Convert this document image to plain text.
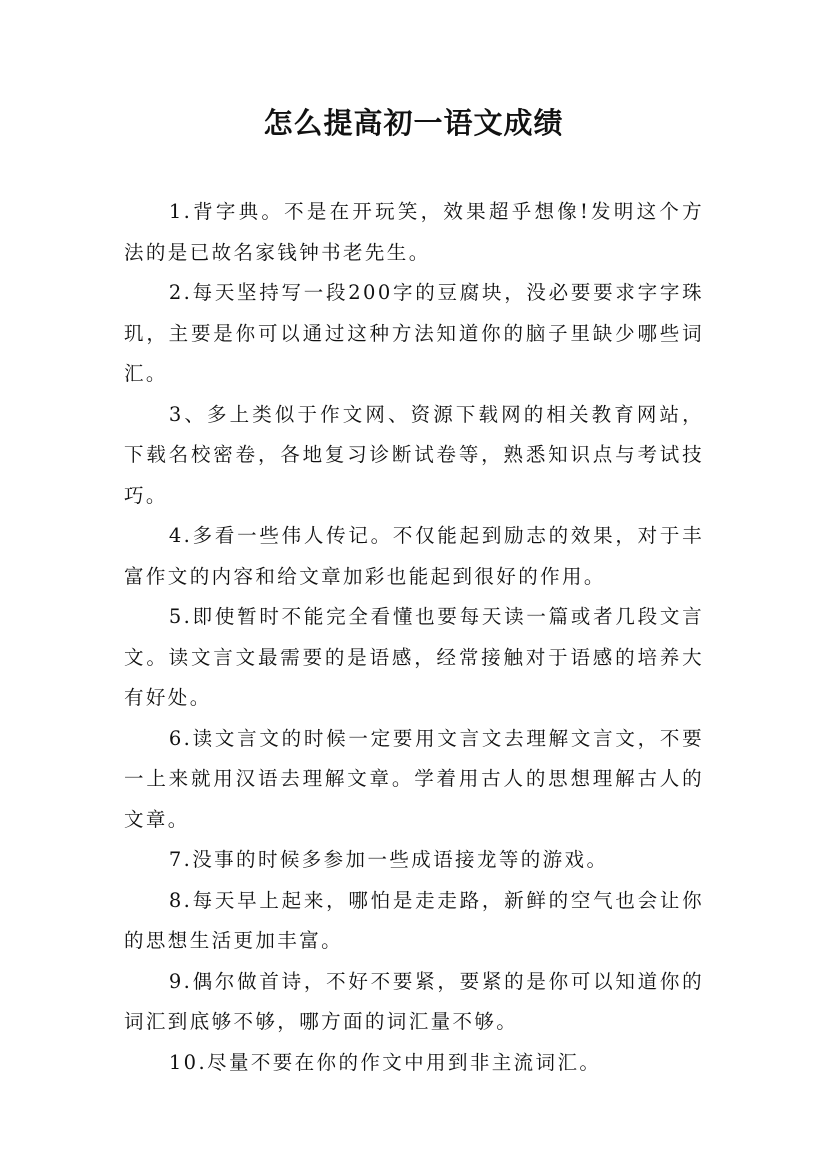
怎么提高初一语文成绩

1.背字典。不是在开玩笑，效果超乎想像!发明这个方法的是已故名家钱钟书老先生。

2.每天坚持写一段200字的豆腐块，没必要要求字字珠玑，主要是你可以通过这种方法知道你的脑子里缺少哪些词汇。

3、多上类似于作文网、资源下载网的相关教育网站，下载名校密卷，各地复习诊断试卷等，熟悉知识点与考试技巧。

4.多看一些伟人传记。不仅能起到励志的效果，对于丰富作文的内容和给文章加彩也能起到很好的作用。

5.即使暂时不能完全看懂也要每天读一篇或者几段文言文。读文言文最需要的是语感，经常接触对于语感的培养大有好处。

6.读文言文的时候一定要用文言文去理解文言文，不要一上来就用汉语去理解文章。学着用古人的思想理解古人的文章。

7.没事的时候多参加一些成语接龙等的游戏。

8.每天早上起来，哪怕是走走路，新鲜的空气也会让你的思想生活更加丰富。

9.偶尔做首诗，不好不要紧，要紧的是你可以知道你的词汇到底够不够，哪方面的词汇量不够。

10.尽量不要在你的作文中用到非主流词汇。
